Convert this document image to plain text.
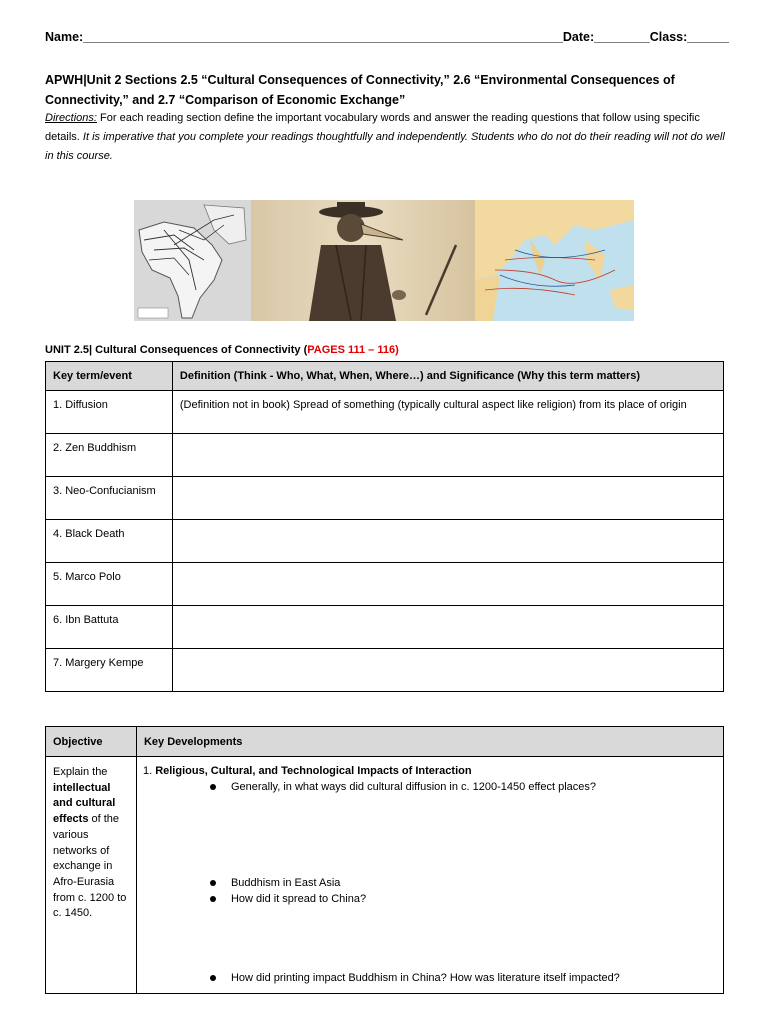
Name:_____________________________________________________________________Date:________Class:______
APWH|Unit 2 Sections 2.5 “Cultural Consequences of Connectivity,” 2.6 “Environmental Consequences of Connectivity,” and 2.7 “Comparison of Economic Exchange”
Directions: For each reading section define the important vocabulary words and answer the reading questions that follow using specific details. It is imperative that you complete your readings thoughtfully and independently. Students who do not do their reading will not do well in this course.
UNIT 2.5| Cultural Consequences of Connectivity (PAGES 111 – 116)
Key term/event	Definition (Think - Who, What, When, Where…) and Significance (Why this term matters)
1. Diffusion	(Definition not in book) Spread of something (typically cultural aspect like religion) from its place of origin
2. Zen Buddhism	
3. Neo-Confucianism	
4. Black Death	
5. Marco Polo	
6. Ibn Battuta	
7. Margery Kempe	
Objective	Key Developments
Explain the intellectual and cultural effects of the various networks of exchange in Afro-Eurasia from c. 1200 to c. 1450.	1. Religious, Cultural, and Technological Impacts of Interaction
Generally, in what ways did cultural diffusion in c. 1200-1450 effect places?
Buddhism in East Asia
How did it spread to China?
How did printing impact Buddhism in China? How was literature itself impacted?
